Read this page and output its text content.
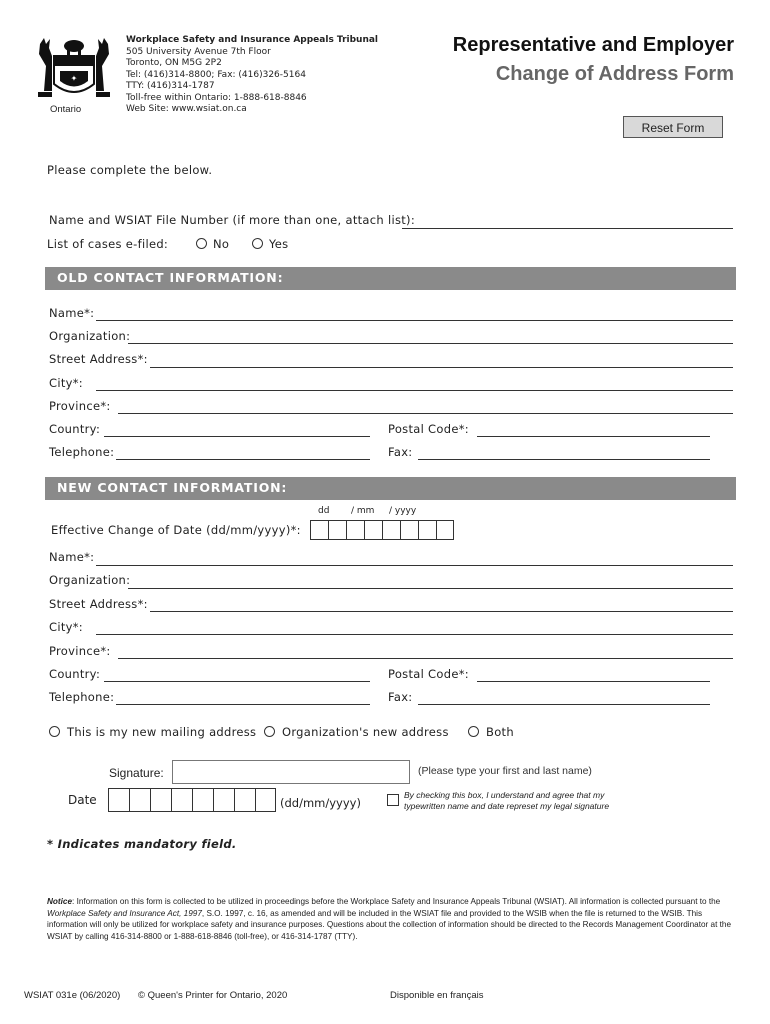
✦
Ontario
Workplace Safety and Insurance Appeals Tribunal
505 University Avenue 7th Floor
Toronto, ON M5G 2P2
Tel: (416)314-8800; Fax: (416)326-5164
TTY: (416)314-1787
Toll-free within Ontario: 1-888-618-8846
Web Site: www.wsiat.on.ca
Representative and Employer
Change of Address Form
Reset Form
Please complete the below.
Name and WSIAT File Number (if more than one, attach list):
List of cases e-filed:	No	Yes
OLD CONTACT INFORMATION:
Name*:
Organization:
Street Address*:
City*:
Province*:
Country:	Postal Code*:
Telephone:	Fax:
NEW CONTACT INFORMATION:
dd / mm / yyyy
Effective Change of Date (dd/mm/yyyy)*:
Name*:
Organization:
Street Address*:
City*:
Province*:
Country:	Postal Code*:
Telephone:	Fax:
This is my new mailing address Organization's new address	Both
Signature:	(Please type your first and last name)
Date	(dd/mm/yyyy)
By checking this box, I understand and agree that my
typewritten name and date represet my legal signature
* Indicates mandatory field.
Notice: Information on this form is collected to be utilized in proceedings before the Workplace Safety and Insurance Appeals Tribunal (WSIAT). All information is collected pursuant to the Workplace Safety and Insurance Act, 1997, S.O. 1997, c. 16, as amended and will be included in the WSIAT file and provided to the WSIB when the file is returned to the WSIB. This information will only be utilized for workplace safety and insurance purposes. Questions about the collection of information should be directed to the Records Management Coordinator at the WSIAT by calling 416-314-8800 or 1-888-618-8846 (toll-free), or 416-314-1787 (TTY).
WSIAT 031e (06/2020) © Queen's Printer for Ontario, 2020	Disponible en français
